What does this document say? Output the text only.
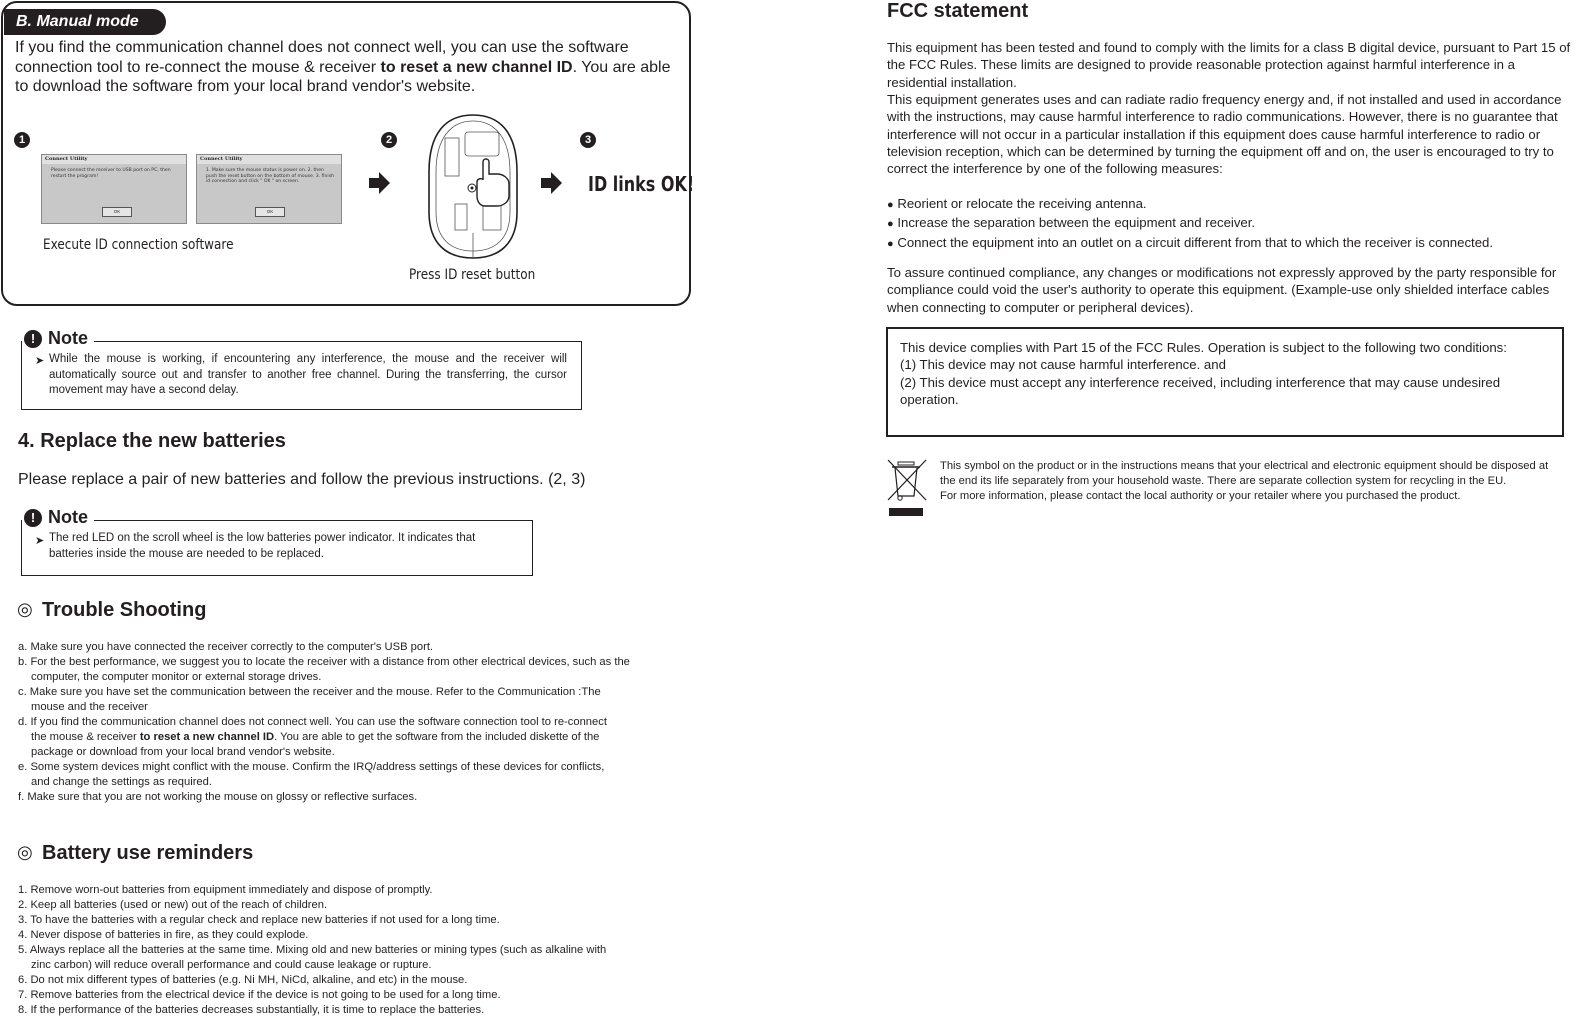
B. Manual mode
If you find the communication channel does not connect well, you can use the software connection tool to re-connect the mouse & receiver to reset a new channel ID. You are able to download the software from your local brand vendor's website.
1	2	3
Connect Utility
Please connect the receiver to USB port on PC, then restart the program!
OK
Connect Utility
1. Make sure the mouse status is power on. 2. then push the reset button on the bottom of mouse. 3. finish id connection and click " OK " on screen.
OK
Execute ID connection software
Press ID reset button
ID links OK!
! Note
➤ While the mouse is working, if encountering any interference, the mouse and the receiver will automatically source out and transfer to another free channel. During the transferring, the cursor movement may have a second delay.
4. Replace the new batteries
Please replace a pair of new batteries and follow the previous instructions. (2, 3)
! Note
➤ The red LED on the scroll wheel is the low batteries power indicator. It indicates that batteries inside the mouse are needed to be replaced.
◎ Trouble Shooting
a. Make sure you have connected the receiver correctly to the computer's USB port.
b. For the best performance, we suggest you to locate the receiver with a distance from other electrical devices, such as the
computer, the computer monitor or external storage drives.
c. Make sure you have set the communication between the receiver and the mouse. Refer to the Communication :The
mouse and the receiver
d. If you find the communication channel does not connect well. You can use the software connection tool to re-connect
the mouse & receiver to reset a new channel ID. You are able to get the software from the included diskette of the
package or download from your local brand vendor's website.
e. Some system devices might conflict with the mouse. Confirm the IRQ/address settings of these devices for conflicts,
and change the settings as required.
f. Make sure that you are not working the mouse on glossy or reflective surfaces.
◎ Battery use reminders
1. Remove worn-out batteries from equipment immediately and dispose of promptly.
2. Keep all batteries (used or new) out of the reach of children.
3. To have the batteries with a regular check and replace new batteries if not used for a long time.
4. Never dispose of batteries in fire, as they could explode.
5. Always replace all the batteries at the same time. Mixing old and new batteries or mining types (such as alkaline with
zinc carbon) will reduce overall performance and could cause leakage or rupture.
6. Do not mix different types of batteries (e.g. Ni MH, NiCd, alkaline, and etc) in the mouse.
7. Remove batteries from the electrical device if the device is not going to be used for a long time.
8. If the performance of the batteries decreases substantially, it is time to replace the batteries.
FCC statement
This equipment has been tested and found to comply with the limits for a class B digital device, pursuant to Part 15 of the FCC Rules. These limits are designed to provide reasonable protection against harmful interference in a residential installation.
This equipment generates uses and can radiate radio frequency energy and, if not installed and used in accordance with the instructions, may cause harmful interference to radio communications. However, there is no guarantee that interference will not occur in a particular installation if this equipment does cause harmful interference to radio or television reception, which can be determined by turning the equipment off and on, the user is encouraged to try to correct the interference by one of the following measures:
● Reorient or relocate the receiving antenna.
● Increase the separation between the equipment and receiver.
● Connect the equipment into an outlet on a circuit different from that to which the receiver is connected.
To assure continued compliance, any changes or modifications not expressly approved by the party responsible for compliance could void the user's authority to operate this equipment. (Example-use only shielded interface cables when connecting to computer or peripheral devices).
This device complies with Part 15 of the FCC Rules. Operation is subject to the following two conditions:
(1) This device may not cause harmful interference. and
(2) This device must accept any interference received, including interference that may cause undesired operation.
This symbol on the product or in the instructions means that your electrical and electronic equipment should be disposed at the end its life separately from your household waste. There are separate collection system for recycling in the EU.
For more information, please contact the local authority or your retailer where you purchased the product.
